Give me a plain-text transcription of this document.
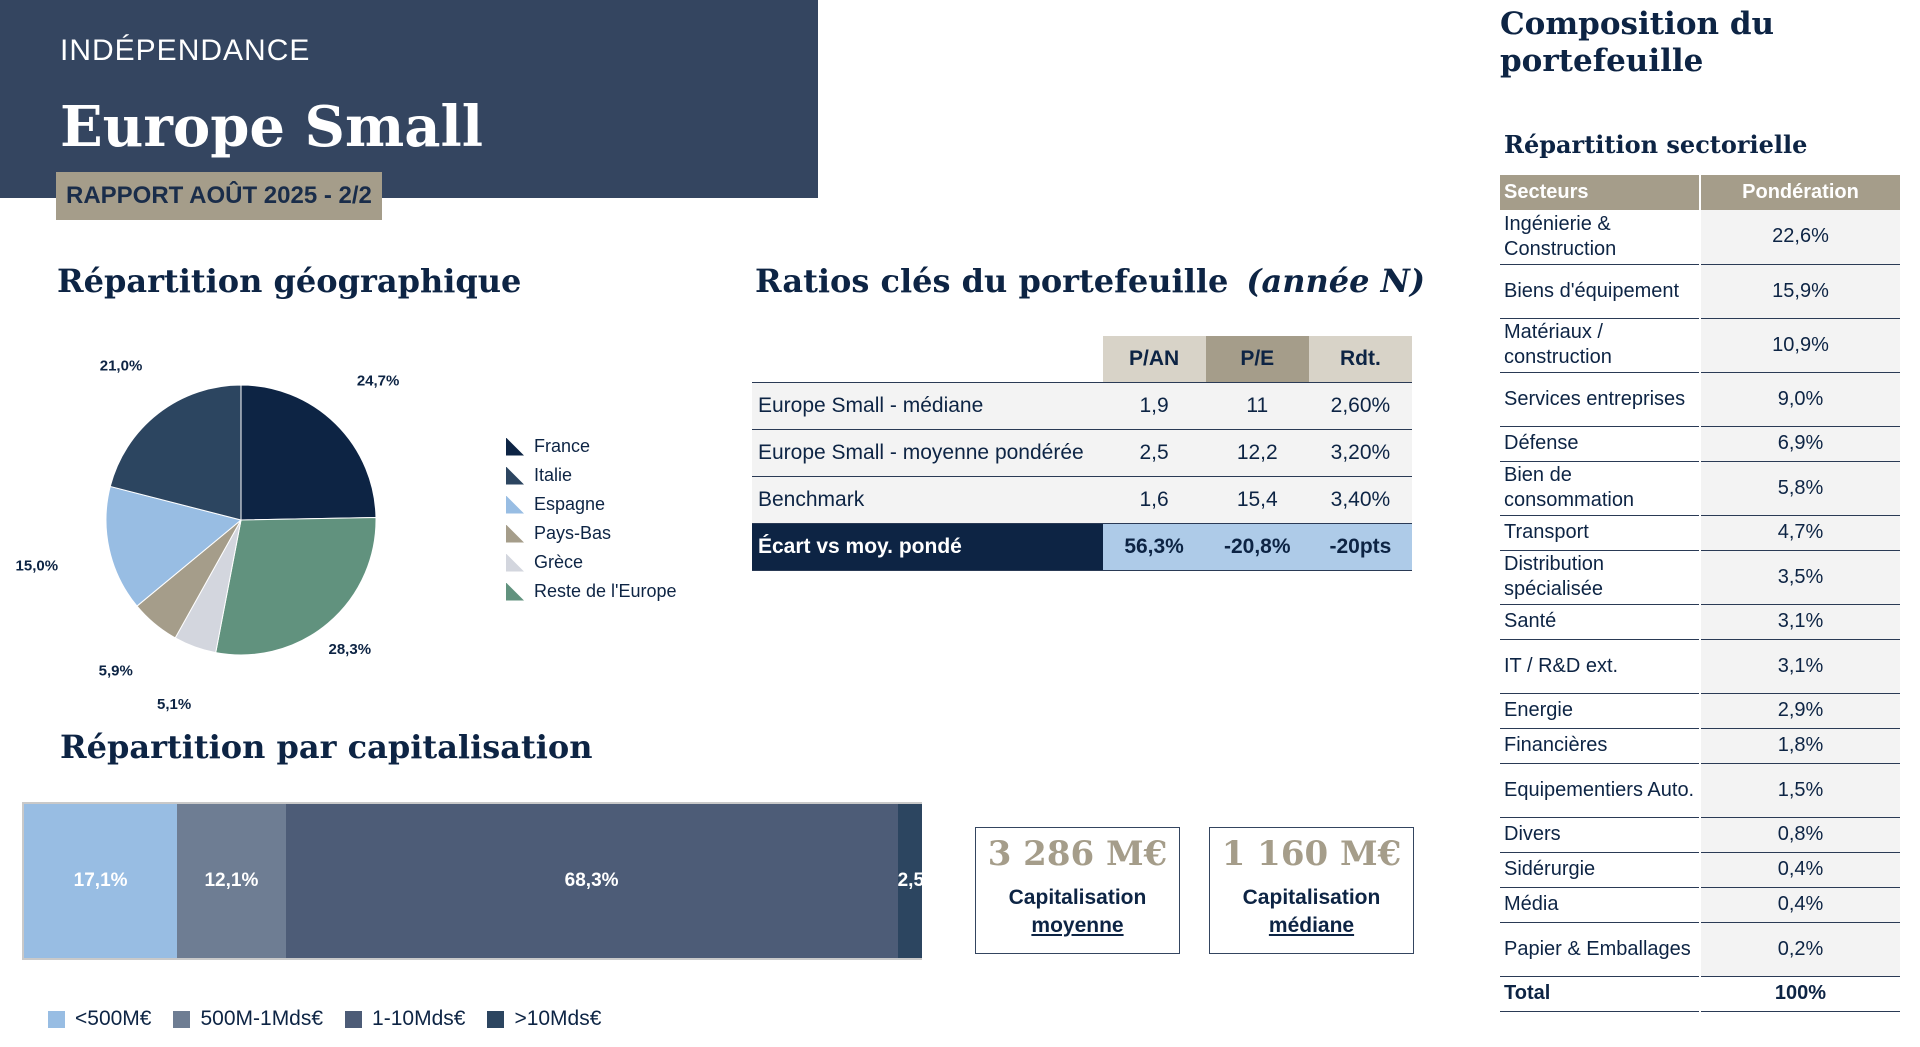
INDÉPENDANCE
Europe Small
RAPPORT AOÛT 2025 - 2/2
Répartition géographique
24,7%
28,3%
5,1%
5,9%
15,0%
21,0%
France
Italie
Espagne
Pays-Bas
Grèce
Reste de l'Europe
Ratios clés du portefeuille (année N)
	P/AN	P/E	Rdt.
Europe Small - médiane	1,9	11	2,60%
Europe Small - moyenne pondérée	2,5	12,2	3,20%
Benchmark	1,6	15,4	3,40%
Écart vs moy. pondé	56,3%	-20,8%	-20pts
Répartition par capitalisation
17,1%	12,1%	68,3%	2,5%
<500M€ 500M-1Mds€ 1-10Mds€ >10Mds€
3 286 M€
Capitalisation
moyenne
1 160 M€
Capitalisation
médiane
Composition du portefeuille
Répartition sectorielle
Secteurs	Pondération
Ingénierie & Construction	22,6%
Biens d'équipement	15,9%
Matériaux / construction	10,9%
Services entreprises	9,0%
Défense	6,9%
Bien de consommation	5,8%
Transport	4,7%
Distribution spécialisée	3,5%
Santé	3,1%
IT / R&D ext.	3,1%
Energie	2,9%
Financières	1,8%
Equipementiers Auto.	1,5%
Divers	0,8%
Sidérurgie	0,4%
Média	0,4%
Papier & Emballages	0,2%
Total	100%
